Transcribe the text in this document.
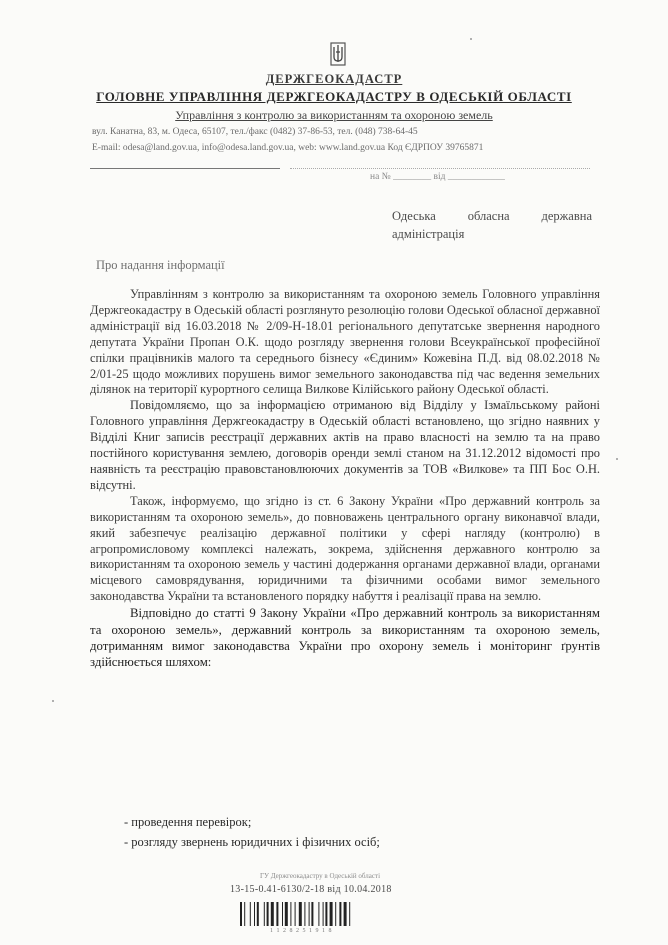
ДЕРЖГЕОКАДАСТР
ГОЛОВНЕ УПРАВЛІННЯ ДЕРЖГЕОКАДАСТРУ В ОДЕСЬКІЙ ОБЛАСТІ
Управління з контролю за використанням та охороною земель
вул. Канатна, 83, м. Одеса, 65107, тел./факс (0482) 37-86-53, тел. (048) 738-64-45
E-mail: odesa@land.gov.ua, info@odesa.land.gov.ua, web: www.land.gov.ua Код ЄДРПОУ 39765871
на № ________ від ____________
Одеська обласна державна адміністрація
Про надання інформації

Управлінням з контролю за використанням та охороною земель Головного управління Держгеокадастру в Одеській області розглянуто резолюцію голови Одеської обласної державної адміністрації від 16.03.2018 № 2/09-Н-18.01 регіонального депутатське звернення народного депутата України Пропан О.К. щодо розгляду звернення голови Всеукраїнської професійної спілки працівників малого та середнього бізнесу «Єдиним» Кожевіна П.Д. від 08.02.2018 № 2/01-25 щодо можливих порушень вимог земельного законодавства під час ведення земельних ділянок на території курортного селища Вилкове Кілійського району Одеської області.

Повідомляємо, що за інформацією отриманою від Відділу у Ізмаїльському районі Головного управління Держгеокадастру в Одеській області встановлено, що згідно наявних у Відділі Книг записів реєстрації державних актів на право власності на землю та на право постійного користування землею, договорів оренди землі станом на 31.12.2012 відомості про наявність та реєстрацію правовстановлюючих документів за ТОВ «Вилкове» та ПП Бос О.Н. відсутні.

Також, інформуємо, що згідно із ст. 6 Закону України «Про державний контроль за використанням та охороною земель», до повноважень центрального органу виконавчої влади, який забезпечує реалізацію державної політики у сфері нагляду (контролю) в агропромисловому комплексі належать, зокрема, здійснення державного контролю за використанням та охороною земель у частині додержання органами державної влади, органами місцевого самоврядування, юридичними та фізичними особами вимог земельного законодавства України та встановленого порядку набуття і реалізації права на землю.

Відповідно до статті 9 Закону України «Про державний контроль за використанням та охороною земель», державний контроль за використанням та охороною земель, дотриманням вимог законодавства України про охорону земель і моніторинг ґрунтів здійснюється шляхом:

- проведення перевірок;
- розгляду звернень юридичних і фізичних осіб;
ГУ Держгеокадастру в Одеській області
13-15-0.41-6130/2-18 від 10.04.2018
1 1 2 8 2 5 1 9 1 8
